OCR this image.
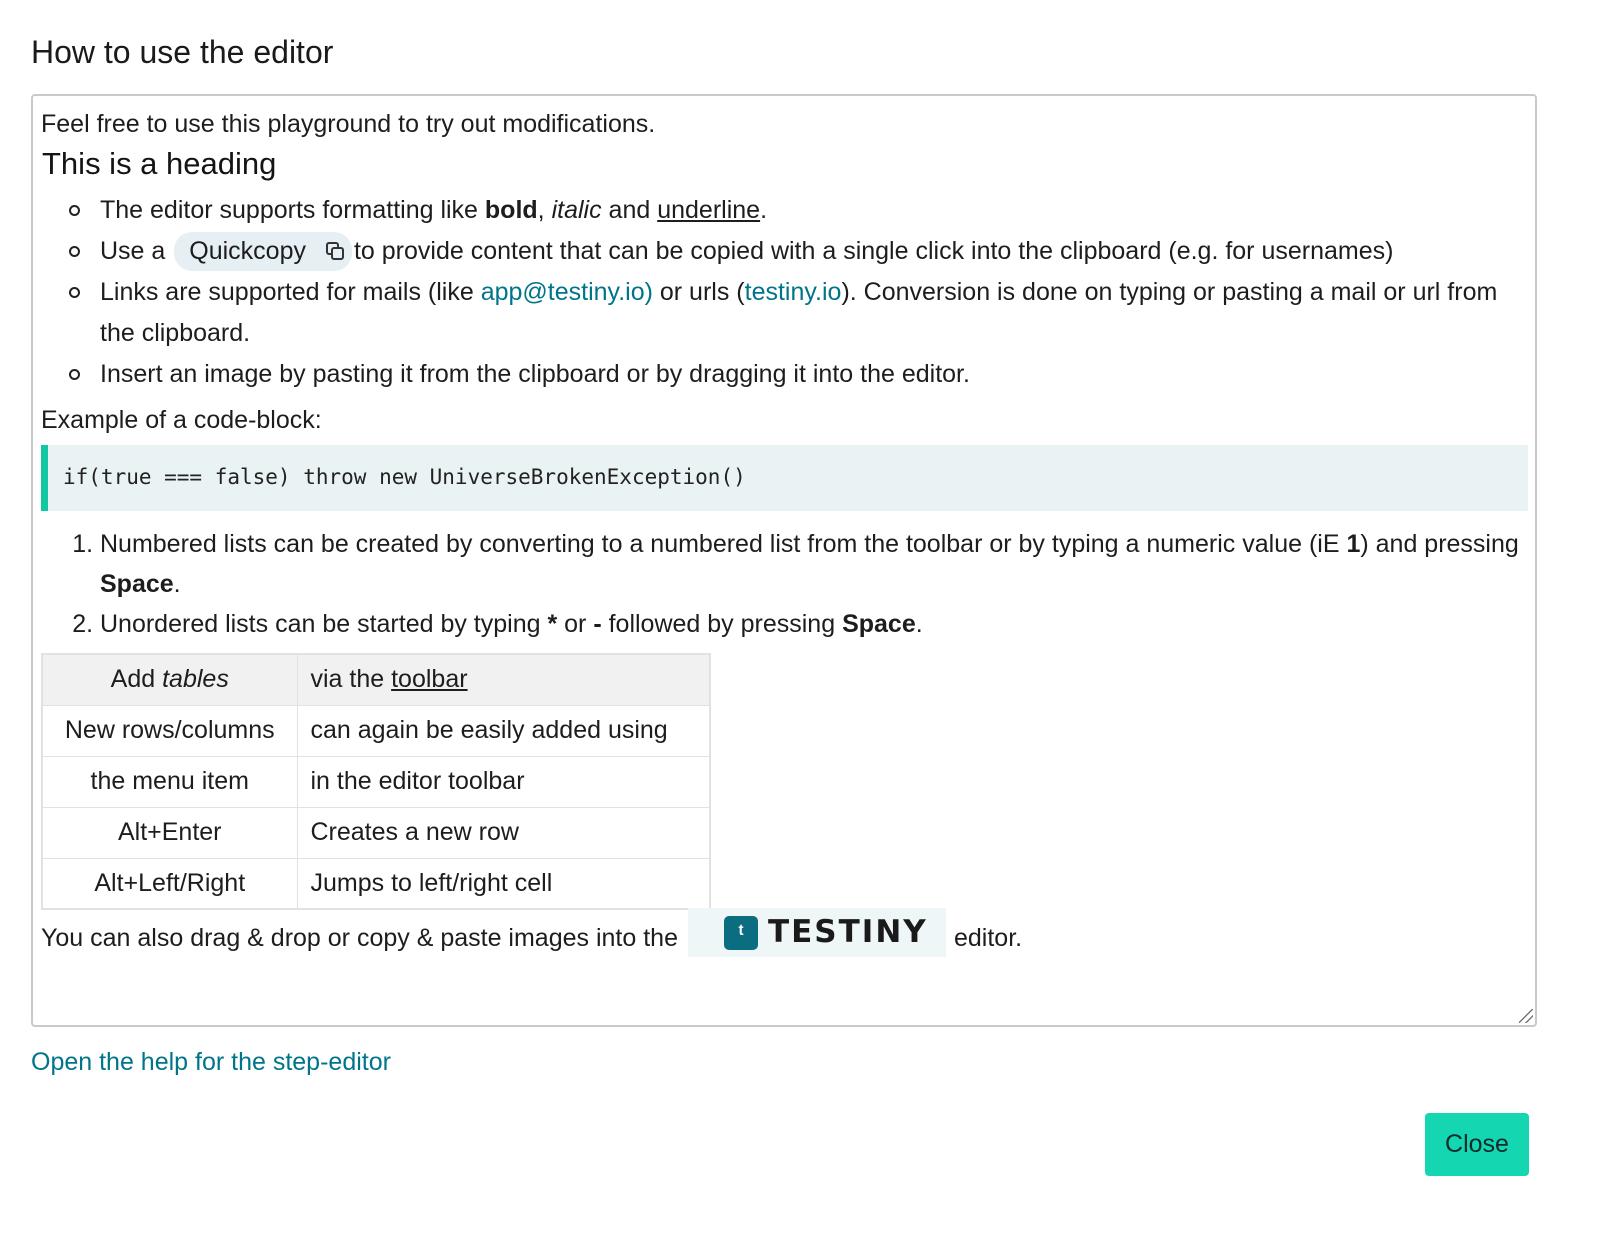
How to use the editor

Feel free to use this playground to try out modifications.

This is a heading
The editor supports formatting like bold, italic and underline.
Use a Quickcopy to provide content that can be copied with a single click into the clipboard (e.g. for usernames)
Links are supported for mails (like app@testiny.io) or urls (testiny.io). Conversion is done on typing or pasting a mail or url from the clipboard.
Insert an image by pasting it from the clipboard or by dragging it into the editor.

Example of a code-block:

if(true === false) throw new UniverseBrokenException()
1. Numbered lists can be created by converting to a numbered list from the toolbar or by typing a numeric value (iE 1) and pressing Space.
2. Unordered lists can be started by typing * or - followed by pressing Space.
Add tables	via the toolbar
New rows/columns	can again be easily added using
the menu item	in the editor toolbar
Alt+Enter	Creates a new row
Alt+Left/Right	Jumps to left/right cell

You can also drag & drop or copy & paste images into the	ᵗ TESTINY editor.

Open the help for the step-editor
Close
